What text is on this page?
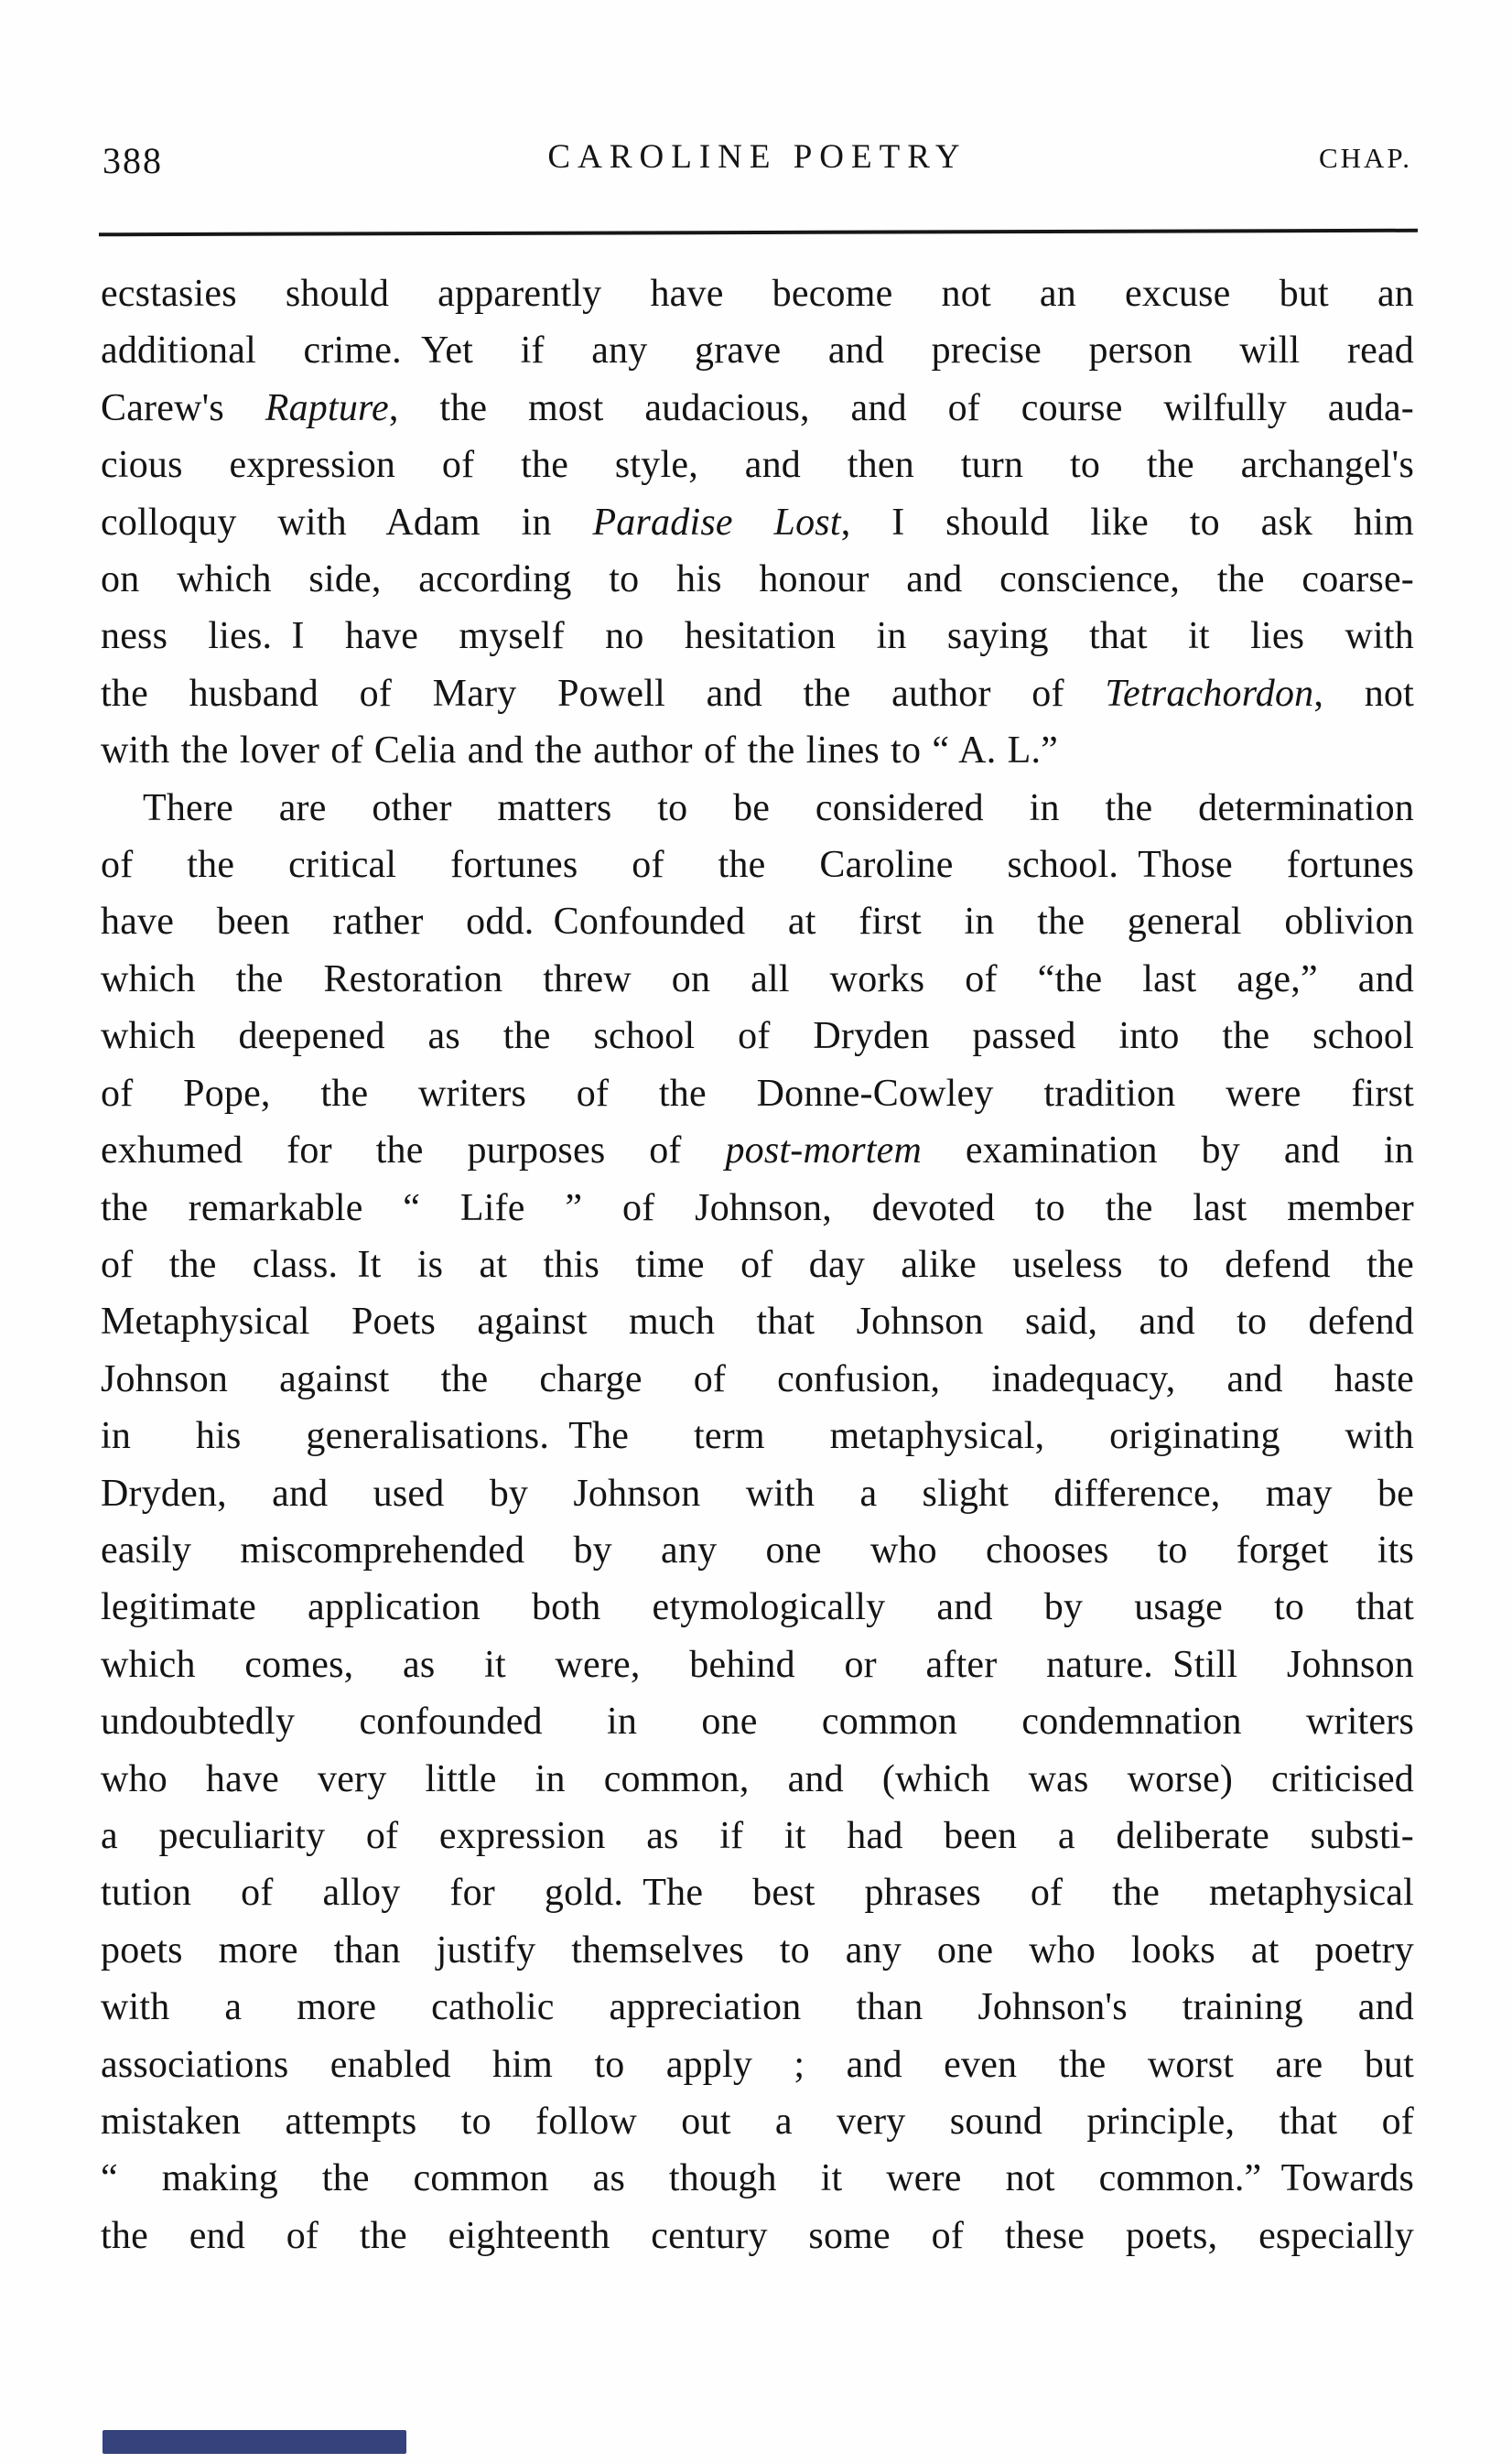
388	CAROLINE POETRY	CHAP.
ecstasies should apparently have become not an excuse but an
additional crime. Yet if any grave and precise person will read
Carew's Rapture, the most audacious, and of course wilfully auda-
cious expression of the style, and then turn to the archangel's
colloquy with Adam in Paradise Lost, I should like to ask him
on which side, according to his honour and conscience, the coarse-
ness lies. I have myself no hesitation in saying that it lies with
the husband of Mary Powell and the author of Tetrachordon, not
with the lover of Celia and the author of the lines to “ A. L.”
There are other matters to be considered in the determination
of the critical fortunes of the Caroline school. Those fortunes
have been rather odd. Confounded at first in the general oblivion
which the Restoration threw on all works of “the last age,” and
which deepened as the school of Dryden passed into the school
of Pope, the writers of the Donne-Cowley tradition were first
exhumed for the purposes of post-mortem examination by and in
the remarkable “ Life ” of Johnson, devoted to the last member
of the class. It is at this time of day alike useless to defend the
Metaphysical Poets against much that Johnson said, and to defend
Johnson against the charge of confusion, inadequacy, and haste
in his generalisations. The term metaphysical, originating with
Dryden, and used by Johnson with a slight difference, may be
easily miscomprehended by any one who chooses to forget its
legitimate application both etymologically and by usage to that
which comes, as it were, behind or after nature. Still Johnson
undoubtedly confounded in one common condemnation writers
who have very little in common, and (which was worse) criticised
a peculiarity of expression as if it had been a deliberate substi-
tution of alloy for gold. The best phrases of the metaphysical
poets more than justify themselves to any one who looks at poetry
with a more catholic appreciation than Johnson's training and
associations enabled him to apply ; and even the worst are but
mistaken attempts to follow out a very sound principle, that of
“ making the common as though it were not common.” Towards
the end of the eighteenth century some of these poets, especially
